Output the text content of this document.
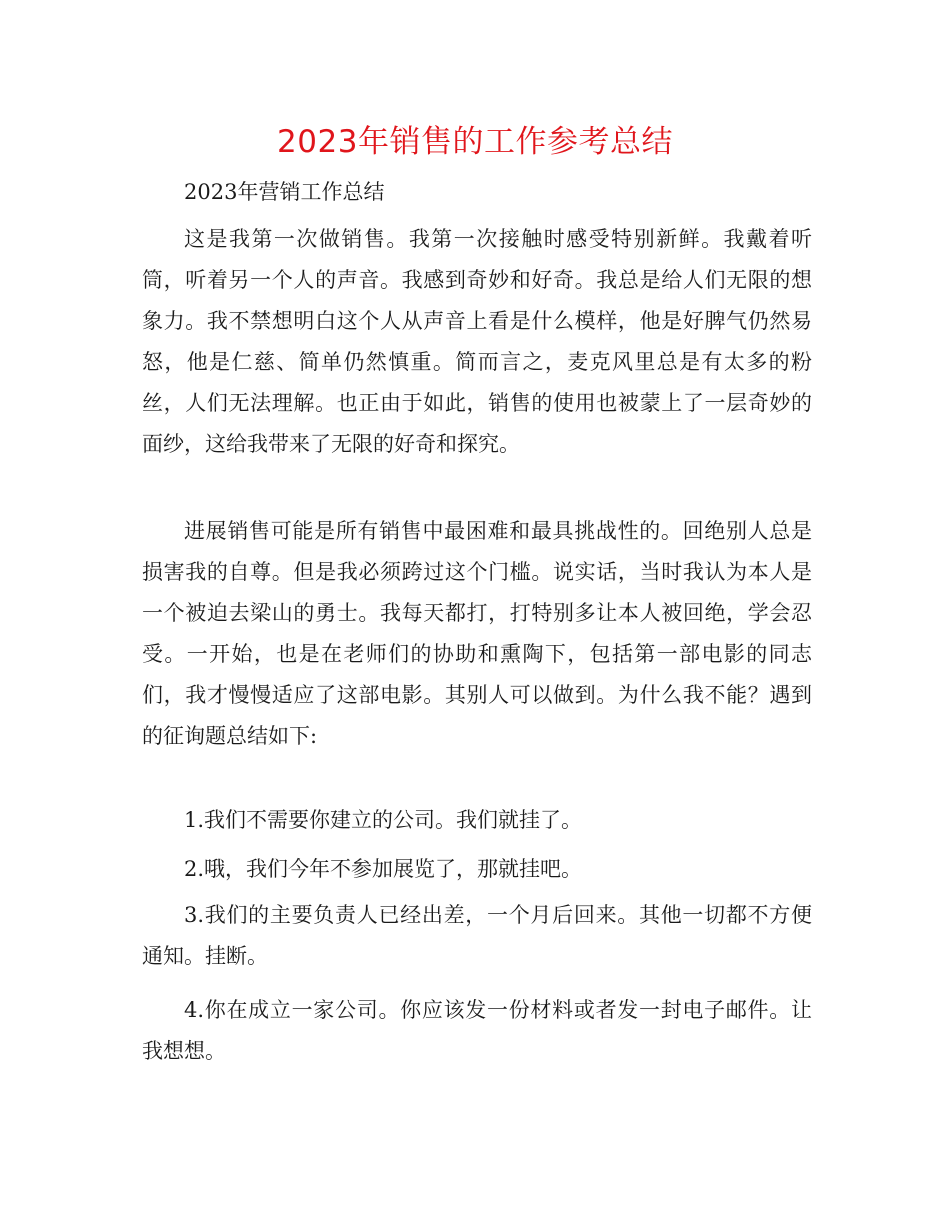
2023年销售的工作参考总结

2023年营销工作总结

这是我第一次做销售。我第一次接触时感受特别新鲜。我戴着听筒，听着另一个人的声音。我感到奇妙和好奇。我总是给人们无限的想象力。我不禁想明白这个人从声音上看是什么模样，他是好脾气仍然易怒，他是仁慈、简单仍然慎重。简而言之，麦克风里总是有太多的粉丝，人们无法理解。也正由于如此，销售的使用也被蒙上了一层奇妙的面纱，这给我带来了无限的好奇和探究。

进展销售可能是所有销售中最困难和最具挑战性的。回绝别人总是损害我的自尊。但是我必须跨过这个门槛。说实话，当时我认为本人是一个被迫去梁山的勇士。我每天都打，打特别多让本人被回绝，学会忍受。一开始，也是在老师们的协助和熏陶下，包括第一部电影的同志们，我才慢慢适应了这部电影。其别人可以做到。为什么我不能？遇到的征询题总结如下:

1.我们不需要你建立的公司。我们就挂了。

2.哦，我们今年不参加展览了，那就挂吧。

3.我们的主要负责人已经出差，一个月后回来。其他一切都不方便通知。挂断。

4.你在成立一家公司。你应该发一份材料或者发一封电子邮件。让我想想。
